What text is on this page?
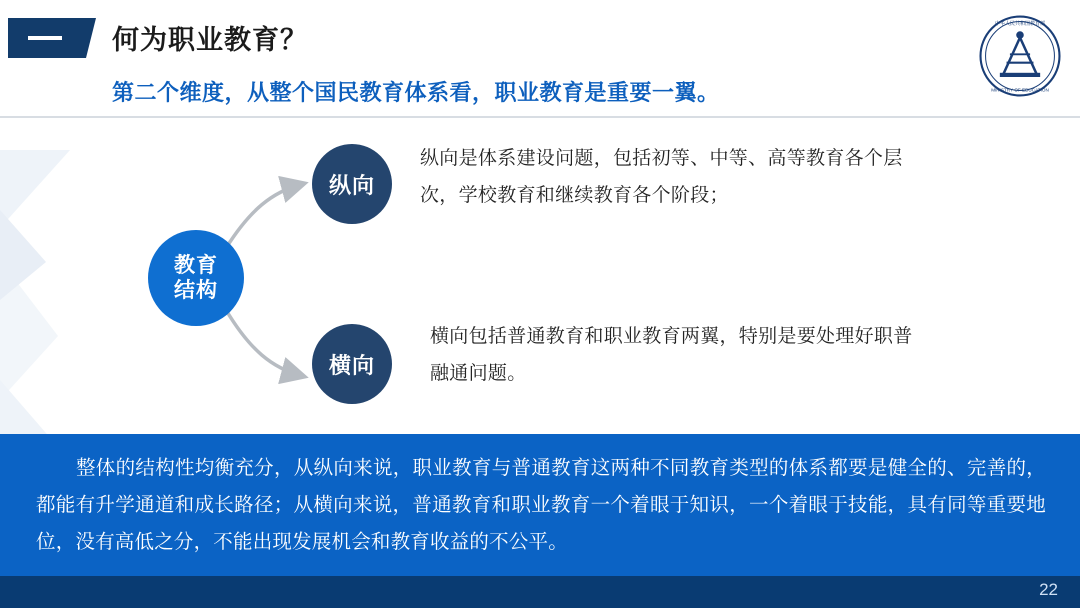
何为职业教育？
第二个维度，从整个国民教育体系看，职业教育是重要一翼。
中华人民共和国教育部
MINISTRY OF EDUCATION
教育
结构
纵向
横向
纵向是体系建设问题，包括初等、中等、高等教育各个层次，学校教育和继续教育各个阶段；
横向包括普通教育和职业教育两翼，特别是要处理好职普融通问题。
整体的结构性均衡充分，从纵向来说，职业教育与普通教育这两种不同教育类型的体系都要是健全的、完善的，都能有升学通道和成长路径；从横向来说，普通教育和职业教育一个着眼于知识，一个着眼于技能，具有同等重要地位，没有高低之分，不能出现发展机会和教育收益的不公平。
22
